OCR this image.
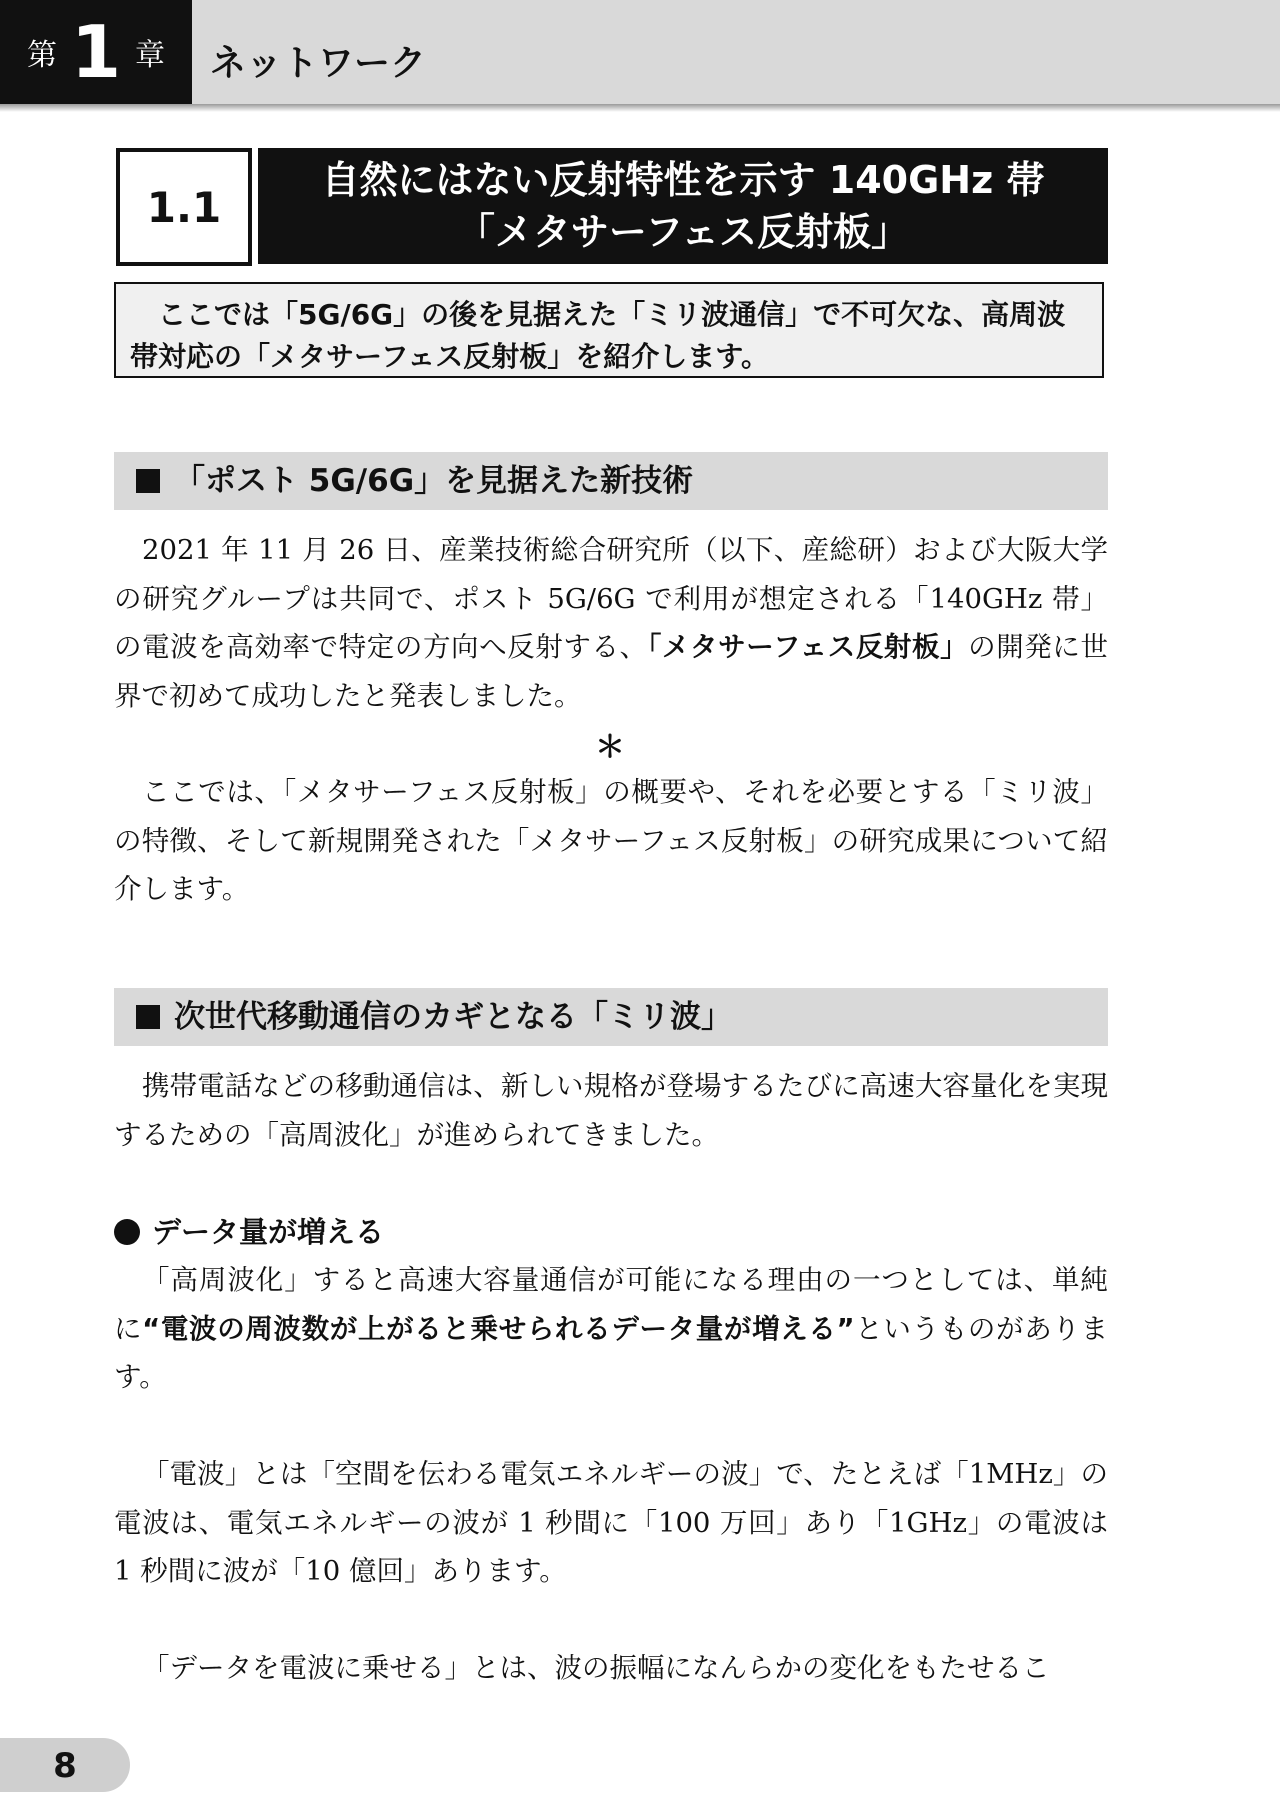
第 1 章 ネットワーク
1.1
自然にはない反射特性を示す 140GHz 帯
「メタサーフェス反射板」
ここでは「5G/6G」の後を見据えた「ミリ波通信」で不可欠な、高周波帯対応の「メタサーフェス反射板」を紹介します。
「ポスト 5G/6G」を見据えた新技術

2021 年 11 月 26 日、産業技術総合研究所（以下、産総研）および大阪大学の研究グループは共同で、ポスト 5G/6G で利用が想定される「140GHz 帯」の電波を高効率で特定の方向へ反射する、「メタサーフェス反射板」の開発に世界で初めて成功したと発表しました。

＊

ここでは、「メタサーフェス反射板」の概要や、それを必要とする「ミリ波」の特徴、そして新規開発された「メタサーフェス反射板」の研究成果について紹介します。

次世代移動通信のカギとなる「ミリ波」

携帯電話などの移動通信は、新しい規格が登場するたびに高速大容量化を実現するための「高周波化」が進められてきました。

データ量が増える

「高周波化」すると高速大容量通信が可能になる理由の一つとしては、単純に“電波の周波数が上がると乗せられるデータ量が増える”というものがあります。

「電波」とは「空間を伝わる電気エネルギーの波」で、たとえば「1MHz」の電波は、電気エネルギーの波が 1 秒間に「100 万回」あり「1GHz」の電波は 1 秒間に波が「10 億回」あります。

「データを電波に乗せる」とは、波の振幅になんらかの変化をもたせるこ

8
